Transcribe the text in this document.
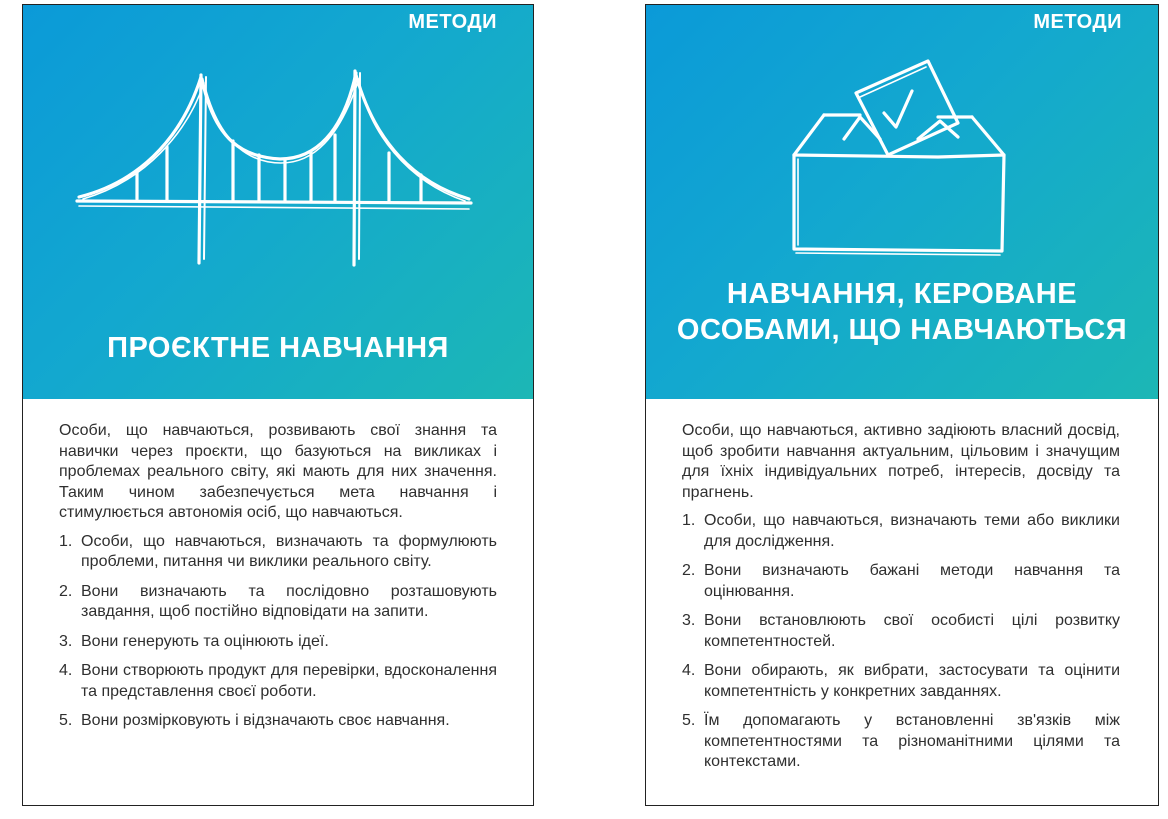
МЕТОДИ
ПРОЄКТНЕ НАВЧАННЯ

Особи, що навчаються, розвивають свої знання та навички через проєкти, що базуються на викликах і проблемах реального світу, які мають для них значення. Таким чином забезпечується мета навчання і стимулюється автономія осіб, що навчаються.

1. Особи, що навчаються, визначають та формулюють проблеми, питання чи виклики реального світу.
2. Вони визначають та послідовно розташовують завдання, щоб постійно відповідати на запити.
3. Вони генерують та оцінюють ідеї.
4. Вони створюють продукт для перевірки, вдосконалення та представлення своєї роботи.
5. Вони розмірковують і відзначають своє навчання.
МЕТОДИ
НАВЧАННЯ, КЕРОВАНЕ ОСОБАМИ, ЩО НАВЧАЮТЬСЯ

Особи, що навчаються, активно задіюють власний досвід, щоб зробити навчання актуальним, цільовим і значущим для їхніх індивідуальних потреб, інтересів, досвіду та прагнень.

1. Особи, що навчаються, визначають теми або виклики для дослідження.
2. Вони визначають бажані методи навчання та оцінювання.
3. Вони встановлюють свої особисті цілі розвитку компетентностей.
4. Вони обирають, як вибрати, застосувати та оцінити компетентність у конкретних завданнях.
5. Їм допомагають у встановленні зв'язків між компетентностями та різноманітними цілями та контекстами.
